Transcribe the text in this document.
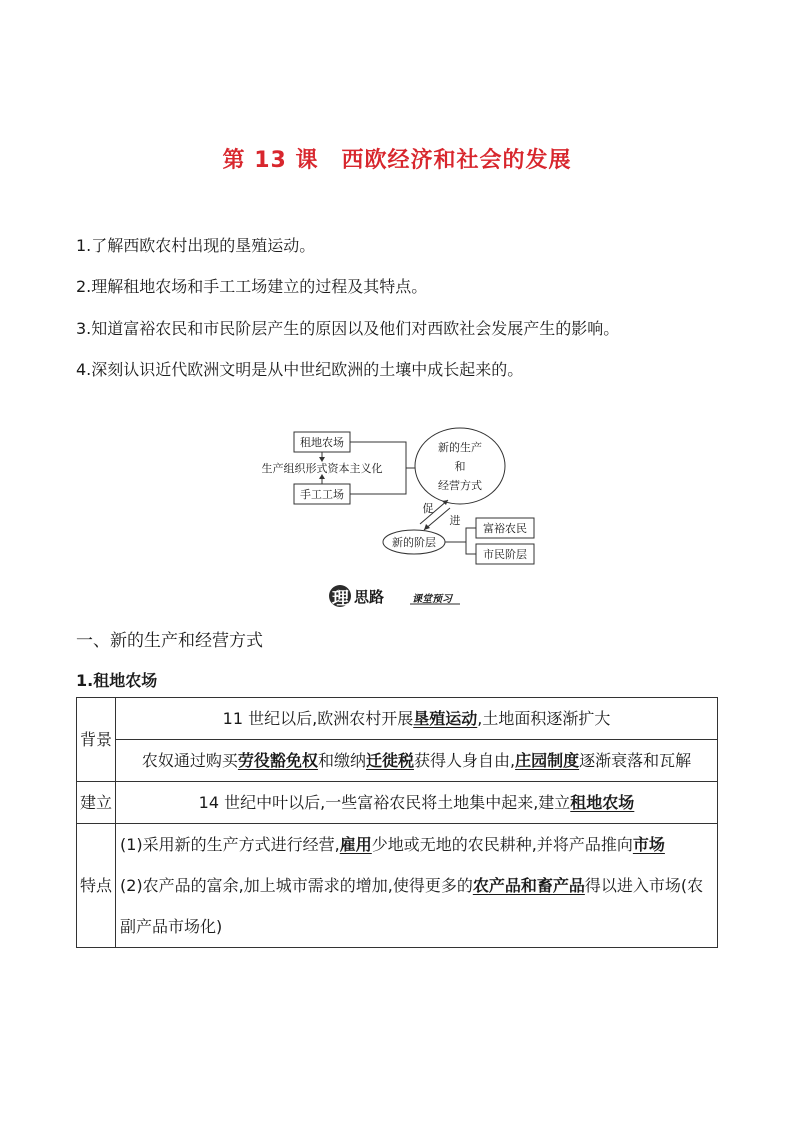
第 13 课　西欧经济和社会的发展
1.了解西欧农村出现的垦殖运动。
2.理解租地农场和手工工场建立的过程及其特点。
3.知道富裕农民和市民阶层产生的原因以及他们对西欧社会发展产生的影响。
4.深刻认识近代欧洲文明是从中世纪欧洲的土壤中成长起来的。
租地农场
生产组织形式资本主义化
手工工场
新的生产
和
经营方式
促
进
新的阶层
富裕农民
市民阶层
理 思路	课堂预习
一、新的生产和经营方式
1.租地农场
背景	11 世纪以后,欧洲农村开展垦殖运动,土地面积逐渐扩大
	农奴通过购买劳役豁免权和缴纳迁徙税获得人身自由,庄园制度逐渐衰落和瓦解
建立	14 世纪中叶以后,一些富裕农民将土地集中起来,建立租地农场
特点	(1)采用新的生产方式进行经营,雇用少地或无地的农民耕种,并将产品推向市场
(2)农产品的富余,加上城市需求的增加,使得更多的农产品和畜产品得以进入市场(农副产品市场化)
